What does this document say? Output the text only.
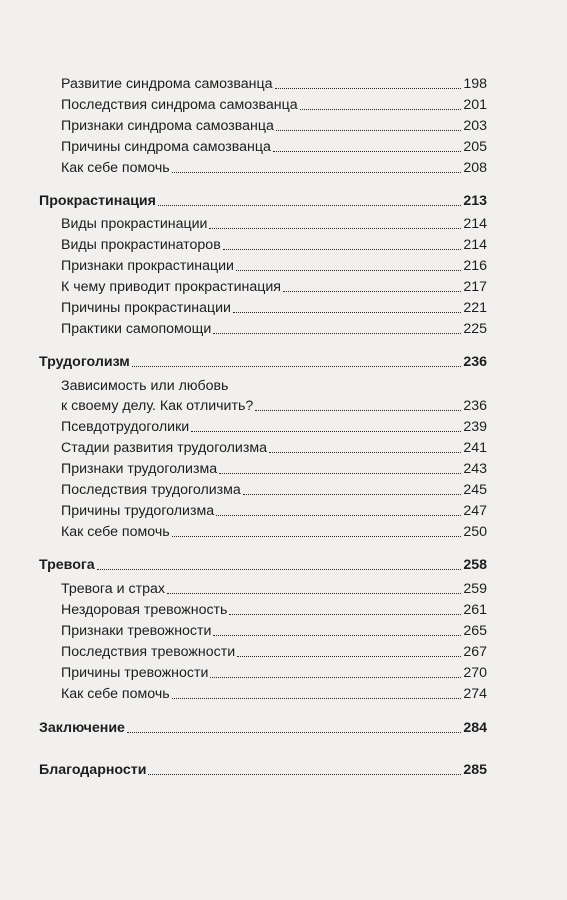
Развитие синдрома самозванца	198
Последствия синдрома самозванца	201
Признаки синдрома самозванца	203
Причины синдрома самозванца	205
Как себе помочь	208
Прокрастинация	213
Виды прокрастинации	214
Виды прокрастинаторов	214
Признаки прокрастинации	216
К чему приводит прокрастинация	217
Причины прокрастинации	221
Практики самопомощи	225
Трудоголизм	236
Зависимость или любовь
к своему делу. Как отличить?	236
Псевдотрудоголики	239
Стадии развития трудоголизма	241
Признаки трудоголизма	243
Последствия трудоголизма	245
Причины трудоголизма	247
Как себе помочь	250
Тревога	258
Тревога и страх	259
Нездоровая тревожность	261
Признаки тревожности	265
Последствия тревожности	267
Причины тревожности	270
Как себе помочь	274
Заключение	284
Благодарности	285
